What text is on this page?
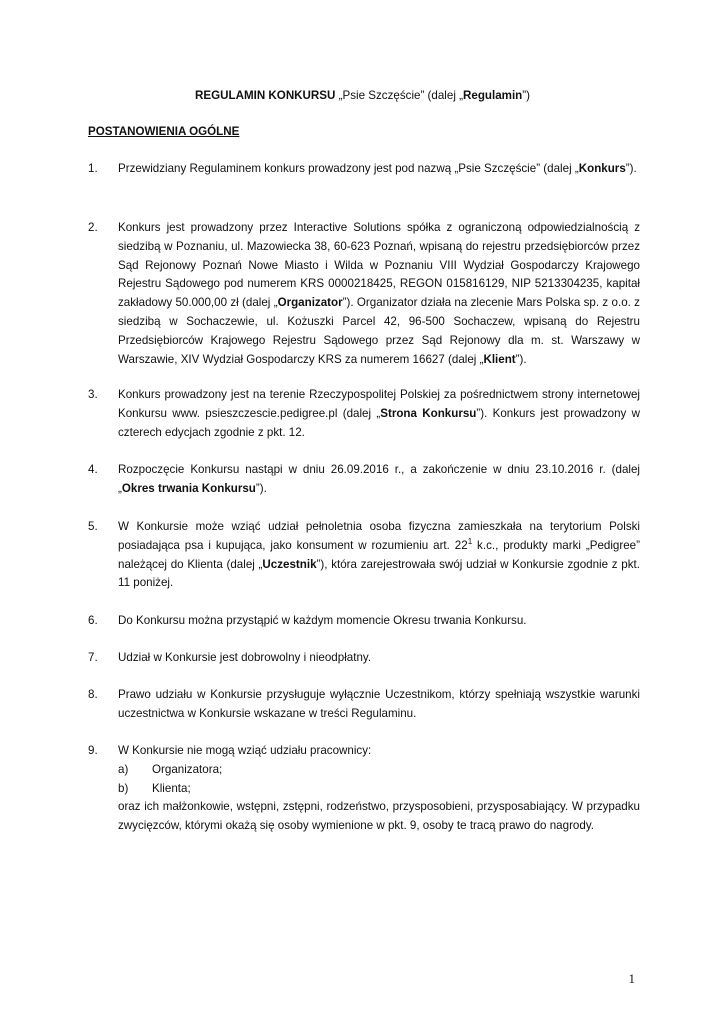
REGULAMIN KONKURSU „Psie Szczęście” (dalej „Regulamin”)
POSTANOWIENIA OGÓLNE
1.	Przewidziany Regulaminem konkurs prowadzony jest pod nazwą „Psie Szczęście” (dalej „Konkurs”).
2.	Konkurs jest prowadzony przez Interactive Solutions spółka z ograniczoną odpowiedzialnością z siedzibą w Poznaniu, ul. Mazowiecka 38, 60-623 Poznań, wpisaną do rejestru przedsiębiorców przez Sąd Rejonowy Poznań Nowe Miasto i Wilda w Poznaniu VIII Wydział Gospodarczy Krajowego Rejestru Sądowego pod numerem KRS 0000218425, REGON 015816129, NIP 5213304235, kapitał zakładowy 50.000,00 zł (dalej „Organizator”). Organizator działa na zlecenie Mars Polska sp. z o.o. z siedzibą w Sochaczewie, ul. Kożuszki Parcel 42, 96-500 Sochaczew, wpisaną do Rejestru Przedsiębiorców Krajowego Rejestru Sądowego przez Sąd Rejonowy dla m. st. Warszawy w Warszawie, XIV Wydział Gospodarczy KRS za numerem 16627 (dalej „Klient”).
3.	Konkurs prowadzony jest na terenie Rzeczypospolitej Polskiej za pośrednictwem strony internetowej Konkursu www. psieszczescie.pedigree.pl (dalej „Strona Konkursu”). Konkurs jest prowadzony w czterech edycjach zgodnie z pkt. 12.
4.	Rozpoczęcie Konkursu nastąpi w dniu 26.09.2016 r., a zakończenie w dniu 23.10.2016 r. (dalej „Okres trwania Konkursu”).
5.	W Konkursie może wziąć udział pełnoletnia osoba fizyczna zamieszkała na terytorium Polski posiadająca psa i kupująca, jako konsument w rozumieniu art. $22^1$ k.c., produkty marki „Pedigree” należącej do Klienta (dalej „Uczestnik”), która zarejestrowała swój udział w Konkursie zgodnie z pkt. 11 poniżej.
6.	Do Konkursu można przystąpić w każdym momencie Okresu trwania Konkursu.
7.	Udział w Konkursie jest dobrowolny i nieodpłatny.
8.	Prawo udziału w Konkursie przysługuje wyłącznie Uczestnikom, którzy spełniają wszystkie warunki uczestnictwa w Konkursie wskazane w treści Regulaminu.
9.	W Konkursie nie mogą wziąć udziału pracownicy:
a) Organizatora;
b) Klienta;
oraz ich małżonkowie, wstępni, zstępni, rodzeństwo, przysposobieni, przysposabiający. W przypadku zwycięzców, którymi okażą się osoby wymienione w pkt. 9, osoby te tracą prawo do nagrody.
1
